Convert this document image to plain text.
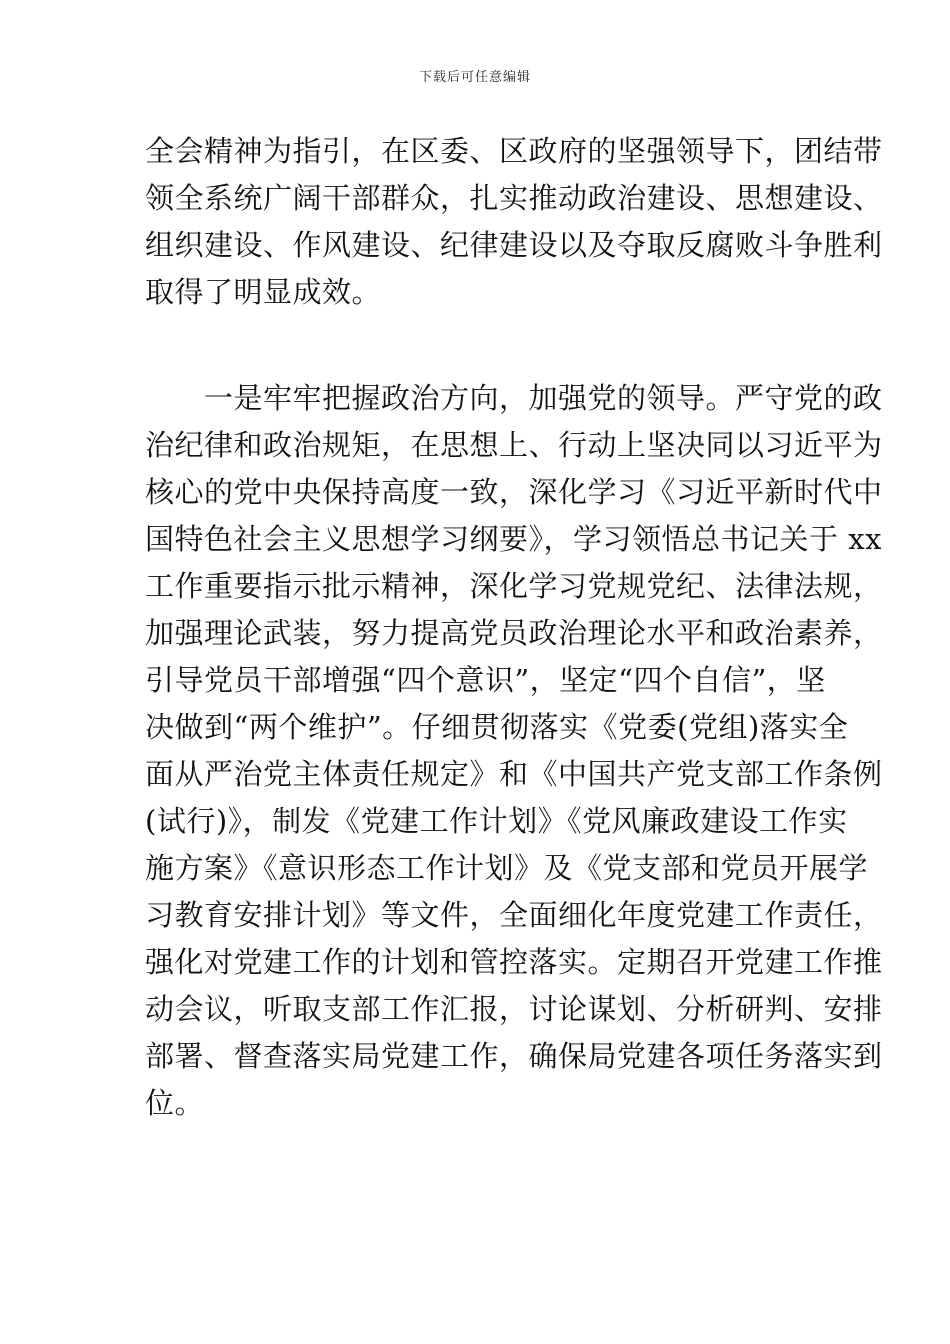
下载后可任意编辑
全会精神为指引，在区委、区政府的坚强领导下，团结带
领全系统广阔干部群众，扎实推动政治建设、思想建设、
组织建设、作风建设、纪律建设以及夺取反腐败斗争胜利
取得了明显成效。
　　一是牢牢把握政治方向，加强党的领导。严守党的政
治纪律和政治规矩，在思想上、行动上坚决同以习近平为
核心的党中央保持高度一致，深化学习《习近平新时代中
国特色社会主义思想学习纲要》，学习领悟总书记关于 xx
工作重要指示批示精神，深化学习党规党纪、法律法规，
加强理论武装，努力提高党员政治理论水平和政治素养，
引导党员干部增强“四个意识”，坚定“四个自信”，坚
决做到“两个维护”。仔细贯彻落实《党委(党组)落实全
面从严治党主体责任规定》和《中国共产党支部工作条例
(试行)》，制发《党建工作计划》《党风廉政建设工作实
施方案》《意识形态工作计划》及《党支部和党员开展学
习教育安排计划》等文件，全面细化年度党建工作责任，
强化对党建工作的计划和管控落实。定期召开党建工作推
动会议，听取支部工作汇报，讨论谋划、分析研判、安排
部署、督查落实局党建工作，确保局党建各项任务落实到
位。
